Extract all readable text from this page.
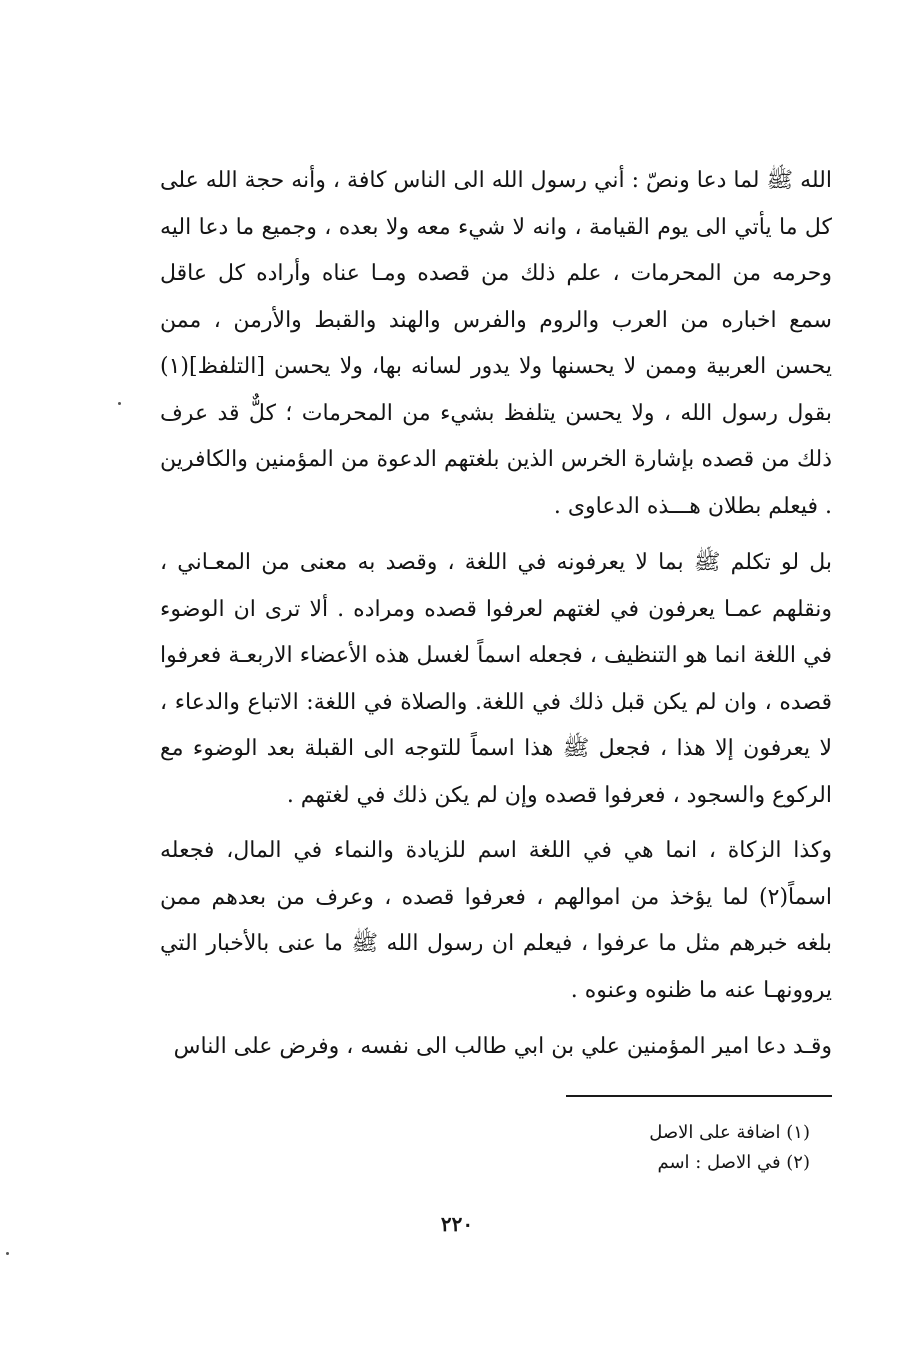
الله ﷺ لما دعا ونصّ : أني رسول الله الى الناس كافة ، وأنه حجة الله على كل ما يأتي الى يوم القيامة ، وانه لا شيء معه ولا بعده ، وجميع ما دعا اليه وحرمه من المحرمات ، علم ذلك من قصده ومـا عناه وأراده كل عاقل سمع اخباره من العرب والروم والفرس والهند والقبط والأرمن ، ممن يحسن العربية وممن لا يحسنها ولا يدور لسانه بها، ولا يحسن [التلفظ](١) بقول رسول الله ، ولا يحسن يتلفظ بشيء من المحرمات ؛ كلٌّ قد عرف ذلك من قصده بإشارة الخرس الذين بلغتهم الدعوة من المؤمنين والكافرين . فيعلم بطلان هـــذه الدعاوى .

بل لو تكلم ﷺ بما لا يعرفونه في اللغة ، وقصد به معنى من المعـاني ، ونقلهم عمـا يعرفون في لغتهم لعرفوا قصده ومراده . ألا ترى ان الوضوء في اللغة انما هو التنظيف ، فجعله اسماً لغسل هذه الأعضاء الاربعـة فعرفوا قصده ، وان لم يكن قبل ذلك في اللغة. والصلاة في اللغة: الاتباع والدعاء ، لا يعرفون إلا هذا ، فجعل ﷺ هذا اسماً للتوجه الى القبلة بعد الوضوء مع الركوع والسجود ، فعرفوا قصده وإن لم يكن ذلك في لغتهم .

وكذا الزكاة ، انما هي في اللغة اسم للزيادة والنماء في المال، فجعله اسماً(٢) لما يؤخذ من اموالهم ، فعرفوا قصده ، وعرف من بعدهم ممن بلغه خبرهم مثل ما عرفوا ، فيعلم ان رسول الله ﷺ ما عنى بالأخبار التي يروونهـا عنه ما ظنوه وعنوه .

وقـد دعا امير المؤمنين علي بن ابي طالب الى نفسه ، وفرض على الناس

(١) اضافة على الاصل
(٢) في الاصل : اسم
٢٢٠
